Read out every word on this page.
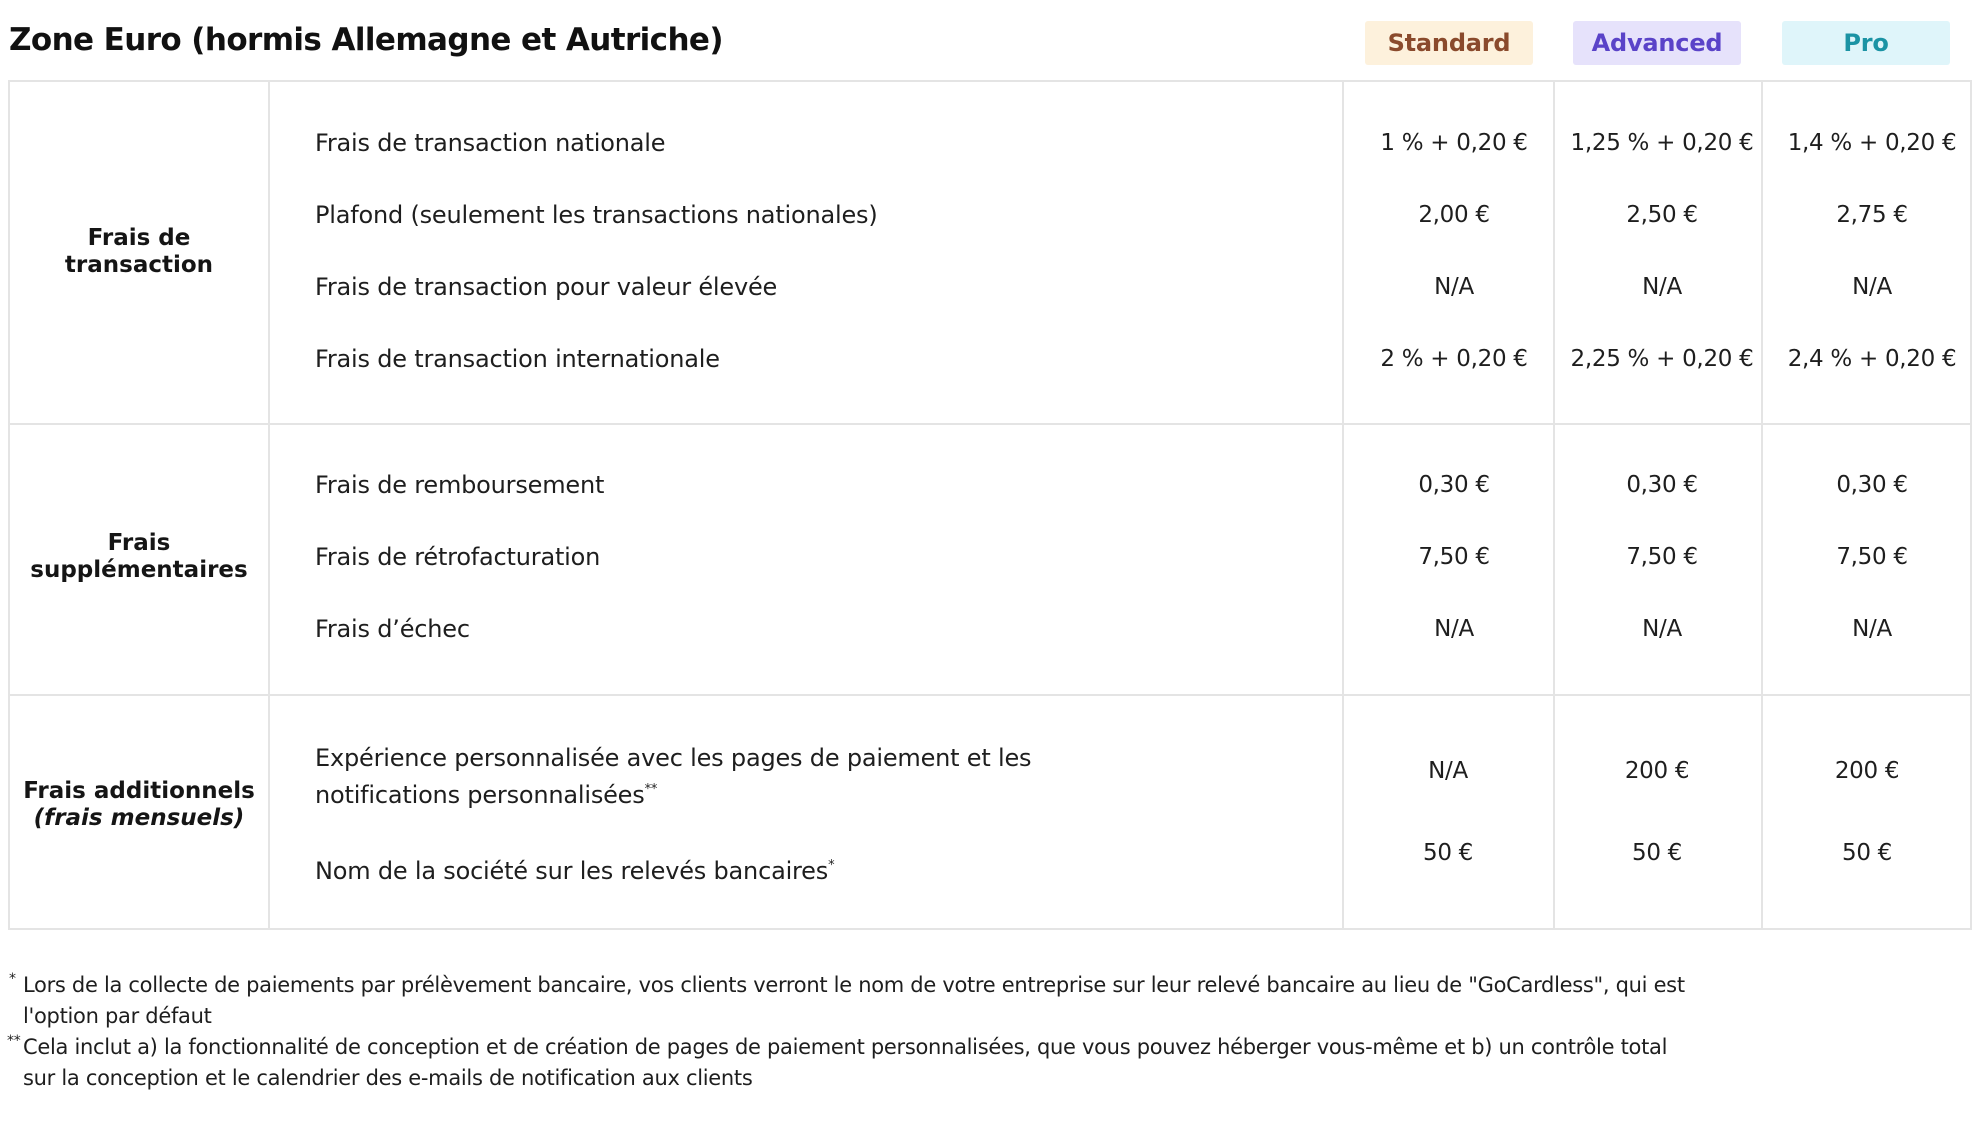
Zone Euro (hormis Allemagne et Autriche)	Standard	Advanced	Pro
Frais de
transaction
Frais de transaction nationale	1 % + 0,20 €	1,25 % + 0,20 €	1,4 % + 0,20 €
Plafond (seulement les transactions nationales)	2,00 €	2,50 €	2,75 €
Frais de transaction pour valeur élevée	N/A	N/A	N/A
Frais de transaction internationale	2 % + 0,20 €	2,25 % + 0,20 €	2,4 % + 0,20 €
Frais
supplémentaires
Frais de remboursement	0,30 €	0,30 €	0,30 €
Frais de rétrofacturation	7,50 €	7,50 €	7,50 €
Frais d’échec	N/A	N/A	N/A
Frais additionnels
(frais mensuels)
Expérience personnalisée avec les pages de paiement et les
notifications personnalisées**
N/A	200 €	200 €
Nom de la société sur les relevés bancaires*	50 €	50 €	50 €
* Lors de la collecte de paiements par prélèvement bancaire, vos clients verront le nom de votre entreprise sur leur relevé bancaire au lieu de "GoCardless", qui est
l'option par défaut
** Cela inclut a) la fonctionnalité de conception et de création de pages de paiement personnalisées, que vous pouvez héberger vous-même et b) un contrôle total
sur la conception et le calendrier des e-mails de notification aux clients
